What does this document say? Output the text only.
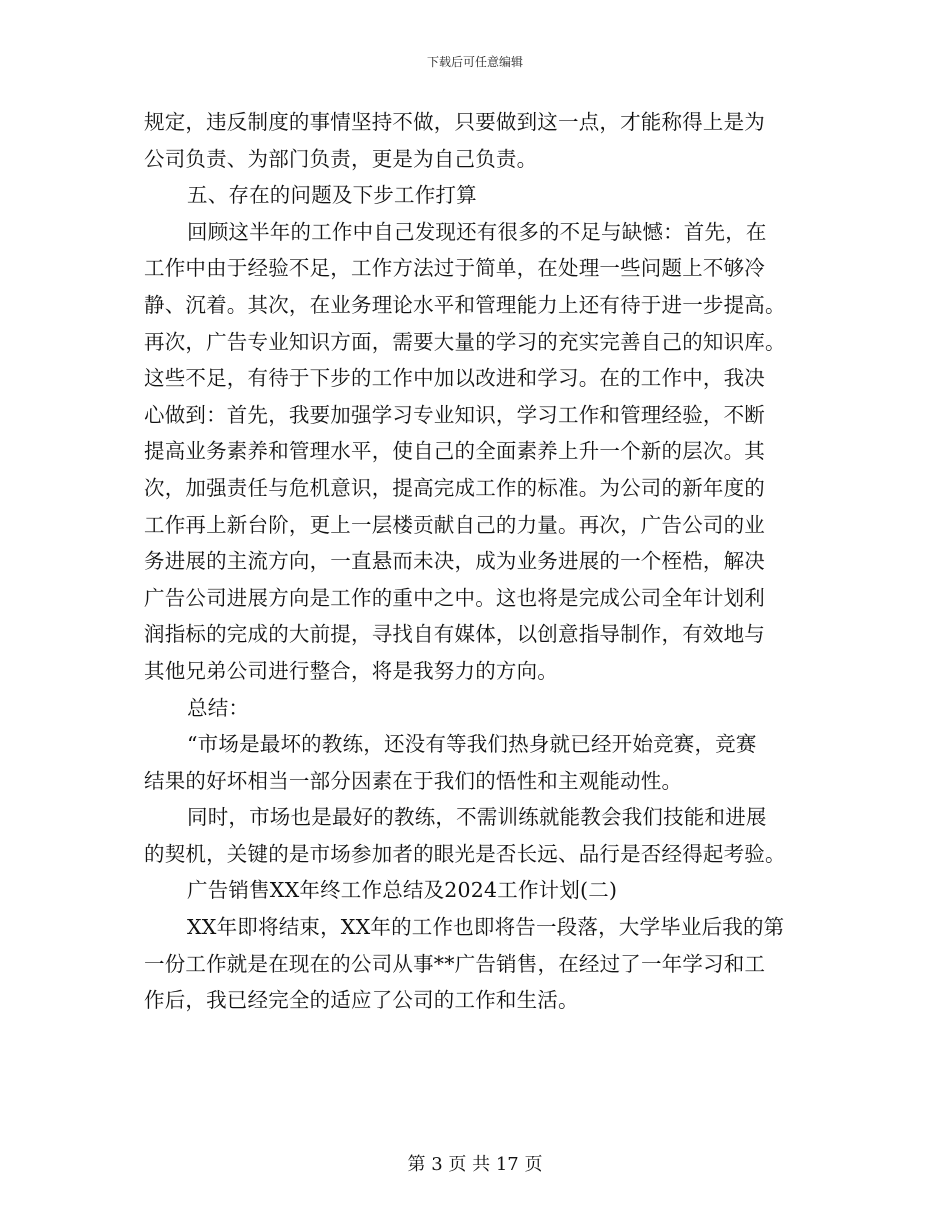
下载后可任意编辑
规定，违反制度的事情坚持不做，只要做到这一点，才能称得上是为
公司负责、为部门负责，更是为自己负责。
五、存在的问题及下步工作打算
回顾这半年的工作中自己发现还有很多的不足与缺憾：首先，在
工作中由于经验不足，工作方法过于简单，在处理一些问题上不够冷
静、沉着。其次，在业务理论水平和管理能力上还有待于进一步提高。
再次，广告专业知识方面，需要大量的学习的充实完善自己的知识库。
这些不足，有待于下步的工作中加以改进和学习。在的工作中，我决
心做到：首先，我要加强学习专业知识，学习工作和管理经验，不断
提高业务素养和管理水平，使自己的全面素养上升一个新的层次。其
次，加强责任与危机意识，提高完成工作的标准。为公司的新年度的
工作再上新台阶，更上一层楼贡献自己的力量。再次，广告公司的业
务进展的主流方向，一直悬而未决，成为业务进展的一个桎梏，解决
广告公司进展方向是工作的重中之中。这也将是完成公司全年计划利
润指标的完成的大前提，寻找自有媒体，以创意指导制作，有效地与
其他兄弟公司进行整合，将是我努力的方向。
总结：
“市场是最坏的教练，还没有等我们热身就已经开始竞赛，竞赛
结果的好坏相当一部分因素在于我们的悟性和主观能动性。
同时，市场也是最好的教练，不需训练就能教会我们技能和进展
的契机，关键的是市场参加者的眼光是否长远、品行是否经得起考验。
广告销售XX年终工作总结及2024工作计划(二)
XX年即将结束，XX年的工作也即将告一段落，大学毕业后我的第
一份工作就是在现在的公司从事**广告销售，在经过了一年学习和工
作后，我已经完全的适应了公司的工作和生活。
第 3 页 共 17 页
